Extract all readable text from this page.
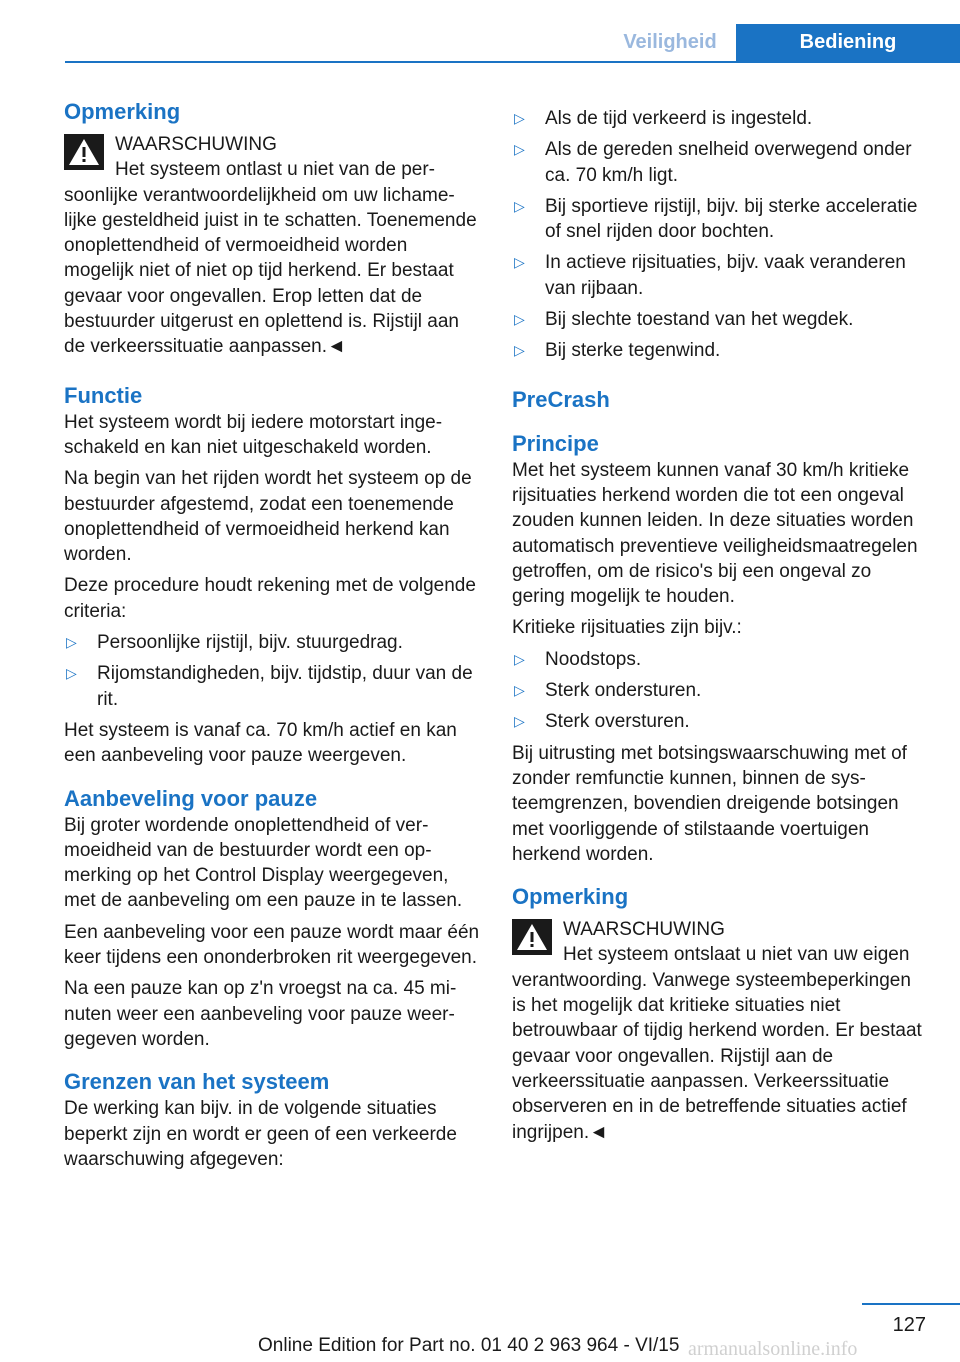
Veiligheid	Bediening
Opmerking
WAARSCHUWING
Het systeem ontlast u niet van de per-
soonlijke verantwoordelijkheid om uw lichamelijke gesteldheid juist in te schatten. Toenemende onoplettendheid of vermoeidheid worden mogelijk niet of niet op tijd herkend. Er bestaat gevaar voor ongevallen. Erop letten dat de bestuurder uitgerust en oplettend is. Rijstijl aan de verkeerssituatie aanpassen.◄
Functie

Het systeem wordt bij iedere motorstart ingeschakeld en kan niet uitgeschakeld worden.

Na begin van het rijden wordt het systeem op de bestuurder afgestemd, zodat een toenemende onoplettendheid of vermoeidheid herkend kan worden.

Deze procedure houdt rekening met de volgende criteria:

▷ Persoonlijke rijstijl, bijv. stuurgedrag.
▷ Rijomstandigheden, bijv. tijdstip, duur van de rit.

Het systeem is vanaf ca. 70 km/h actief en kan een aanbeveling voor pauze weergeven.

Aanbeveling voor pauze

Bij groter wordende onoplettendheid of vermoeidheid van de bestuurder wordt een opmerking op het Control Display weergegeven, met de aanbeveling om een pauze in te lassen.

Een aanbeveling voor een pauze wordt maar één keer tijdens een ononderbroken rit weergegeven.

Na een pauze kan op z'n vroegst na ca. 45 minuten weer een aanbeveling voor pauze weergegeven worden.

Grenzen van het systeem

De werking kan bijv. in de volgende situaties beperkt zijn en wordt er geen of een verkeerde waarschuwing afgegeven:

▷ Als de tijd verkeerd is ingesteld.
▷ Als de gereden snelheid overwegend onder ca. 70 km/h ligt.
▷ Bij sportieve rijstijl, bijv. bij sterke acceleratie of snel rijden door bochten.
▷ In actieve rijsituaties, bijv. vaak veranderen van rijbaan.
▷ Bij slechte toestand van het wegdek.
▷ Bij sterke tegenwind.
PreCrash
Principe

Met het systeem kunnen vanaf 30 km/h kritieke rijsituaties herkend worden die tot een ongeval zouden kunnen leiden. In deze situaties worden automatisch preventieve veiligheidsmaatregelen getroffen, om de risico's bij een ongeval zo gering mogelijk te houden.

Kritieke rijsituaties zijn bijv.:

▷ Noodstops.
▷ Sterk ondersturen.
▷ Sterk oversturen.

Bij uitrusting met botsingswaarschuwing met of zonder remfunctie kunnen, binnen de systeemgrenzen, bovendien dreigende botsingen met voorliggende of stilstaande voertuigen herkend worden.

Opmerking
WAARSCHUWING
Het systeem ontslaat u niet van uw eigen
verantwoording. Vanwege systeembeperkingen is het mogelijk dat kritieke situaties niet betrouwbaar of tijdig herkend worden. Er bestaat gevaar voor ongevallen. Rijstijl aan de verkeerssituatie aanpassen. Verkeerssituatie observeren en in de betreffende situaties actief ingrijpen.◄
127
Online Edition for Part no. 01 40 2 963 964 - VI/15 armanualsonline.info
